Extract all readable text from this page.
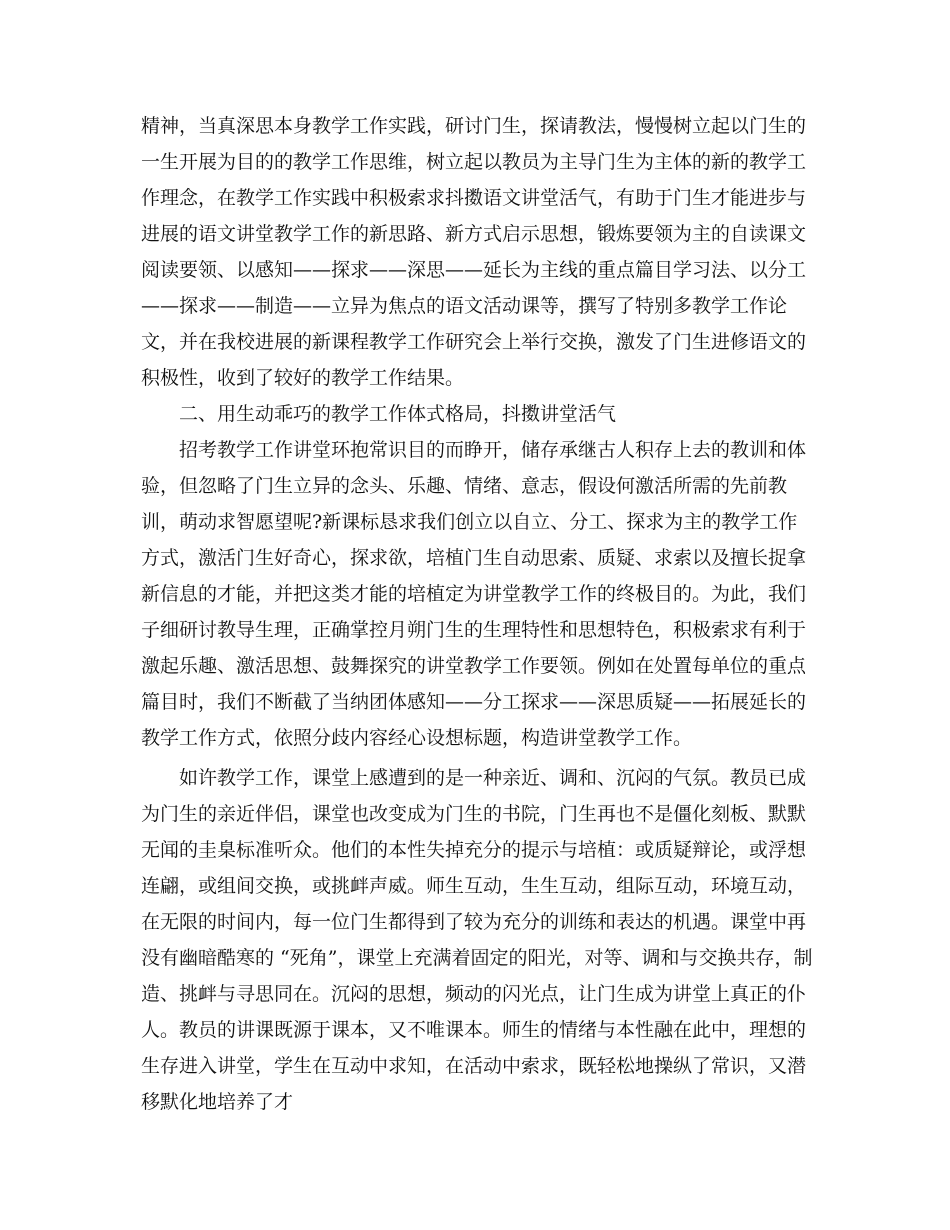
精神，当真深思本身教学工作实践，研讨门生，探请教法，慢慢树立起以门生的一生开展为目的的教学工作思维，树立起以教员为主导门生为主体的新的教学工作理念，在教学工作实践中积极索求抖擞语文讲堂活气，有助于门生才能进步与进展的语文讲堂教学工作的新思路、新方式启示思想，锻炼要领为主的自读课文阅读要领、以感知——探求——深思——延长为主线的重点篇目学习法、以分工——探求——制造——立异为焦点的语文活动课等，撰写了特别多教学工作论文，并在我校进展的新课程教学工作研究会上举行交换，激发了门生进修语文的积极性，收到了较好的教学工作结果。

二、用生动乖巧的教学工作体式格局，抖擞讲堂活气

招考教学工作讲堂环抱常识目的而睁开，储存承继古人积存上去的教训和体验，但忽略了门生立异的念头、乐趣、情绪、意志，假设何激活所需的先前教训，萌动求智愿望呢?新课标恳求我们创立以自立、分工、探求为主的教学工作方式，激活门生好奇心，探求欲，培植门生自动思索、质疑、求索以及擅长捉拿新信息的才能，并把这类才能的培植定为讲堂教学工作的终极目的。为此，我们子细研讨教导生理，正确掌控月朔门生的生理特性和思想特色，积极索求有利于激起乐趣、激活思想、鼓舞探究的讲堂教学工作要领。例如在处置每单位的重点篇目时，我们不断截了当纳团体感知——分工探求——深思质疑——拓展延长的教学工作方式，依照分歧内容经心设想标题，构造讲堂教学工作。

如许教学工作，课堂上感遭到的是一种亲近、调和、沉闷的气氛。教员已成为门生的亲近伴侣，课堂也改变成为门生的书院，门生再也不是僵化刻板、默默无闻的圭臬标准听众。他们的本性失掉充分的提示与培植：或质疑辩论，或浮想连翩，或组间交换，或挑衅声威。师生互动，生生互动，组际互动，环境互动，在无限的时间内，每一位门生都得到了较为充分的训练和表达的机遇。课堂中再没有幽暗酷寒的 “死角”，课堂上充满着固定的阳光，对等、调和与交换共存，制造、挑衅与寻思同在。沉闷的思想，频动的闪光点，让门生成为讲堂上真正的仆人。教员的讲课既源于课本，又不唯课本。师生的情绪与本性融在此中，理想的生存进入讲堂，学生在互动中求知，在活动中索求，既轻松地操纵了常识，又潜移默化地培养了才
